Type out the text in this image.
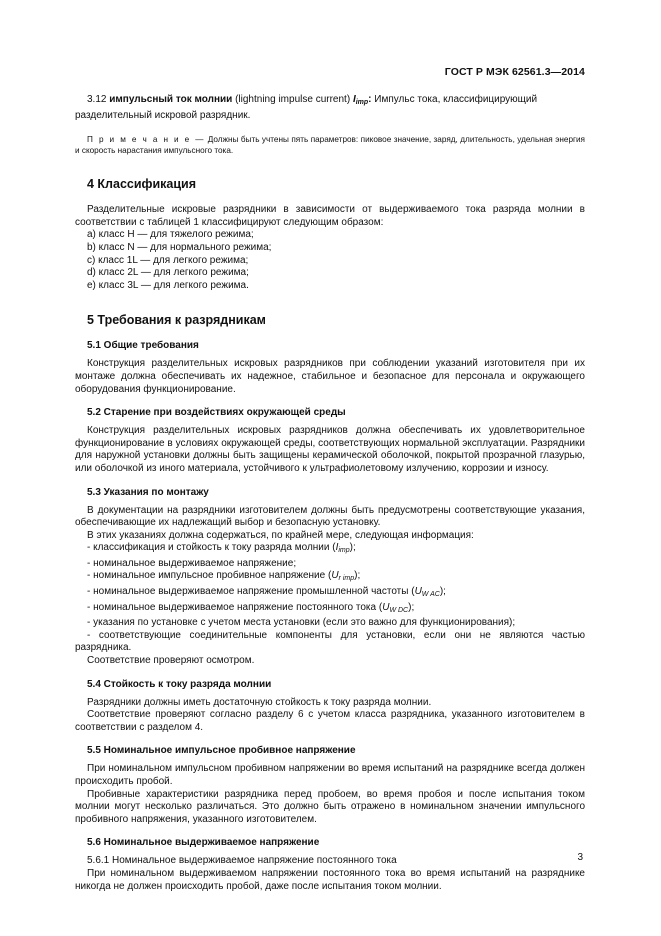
ГОСТ Р МЭК 62561.3—2014

3.12 импульсный ток молнии (lightning impulse current) $I_{imp}$: Импульс тока, классифицирующий

разделительный искровой разрядник.

П р и м е ч а н и е — Должны быть учтены пять параметров: пиковое значение, заряд, длительность, удельная энергия и скорость нарастания импульсного тока.

4 Классификация

Разделительные искровые разрядники в зависимости от выдерживаемого тока разряда молнии в соответствии с таблицей 1 классифицируют следующим образом:

a) класс H — для тяжелого режима;

b) класс N — для нормального режима;

c) класс 1L — для легкого режима;

d) класс 2L — для легкого режима;

e) класс 3L — для легкого режима.

5 Требования к разрядникам
5.1 Общие требования

Конструкция разделительных искровых разрядников при соблюдении указаний изготовителя при их монтаже должна обеспечивать их надежное, стабильное и безопасное для персонала и окружающего оборудования функционирование.

5.2 Старение при воздействиях окружающей среды

Конструкция разделительных искровых разрядников должна обеспечивать их удовлетворительное функционирование в условиях окружающей среды, соответствующих нормальной эксплуатации. Разрядники для наружной установки должны быть защищены керамической оболочкой, покрытой прозрачной глазурью, или оболочкой из иного материала, устойчивого к ультрафиолетовому излучению, коррозии и износу.

5.3 Указания по монтажу

В документации на разрядники изготовителем должны быть предусмотрены соответствующие указания, обеспечивающие их надлежащий выбор и безопасную установку.

В этих указаниях должна содержаться, по крайней мере, следующая информация:

- классификация и стойкость к току разряда молнии $(I_{imp})$;

- номинальное выдерживаемое напряжение;

- номинальное импульсное пробивное напряжение $(U_{r imp})$;

- номинальное выдерживаемое напряжение промышленной частоты $(U_{W AC})$;

- номинальное выдерживаемое напряжение постоянного тока $(U_{W DC})$;

- указания по установке с учетом места установки (если это важно для функционирования);

- соответствующие соединительные компоненты для установки, если они не являются частью разрядника.

Соответствие проверяют осмотром.

5.4 Стойкость к току разряда молнии

Разрядники должны иметь достаточную стойкость к току разряда молнии.

Соответствие проверяют согласно разделу 6 с учетом класса разрядника, указанного изготовителем в соответствии с разделом 4.

5.5 Номинальное импульсное пробивное напряжение

При номинальном импульсном пробивном напряжении во время испытаний на разряднике всегда должен происходить пробой.

Пробивные характеристики разрядника перед пробоем, во время пробоя и после испытания током молнии могут несколько различаться. Это должно быть отражено в номинальном значении импульсного пробивного напряжения, указанного изготовителем.

5.6 Номинальное выдерживаемое напряжение

5.6.1 Номинальное выдерживаемое напряжение постоянного тока

При номинальном выдерживаемом напряжении постоянного тока во время испытаний на разряднике никогда не должен происходить пробой, даже после испытания током молнии.

3
